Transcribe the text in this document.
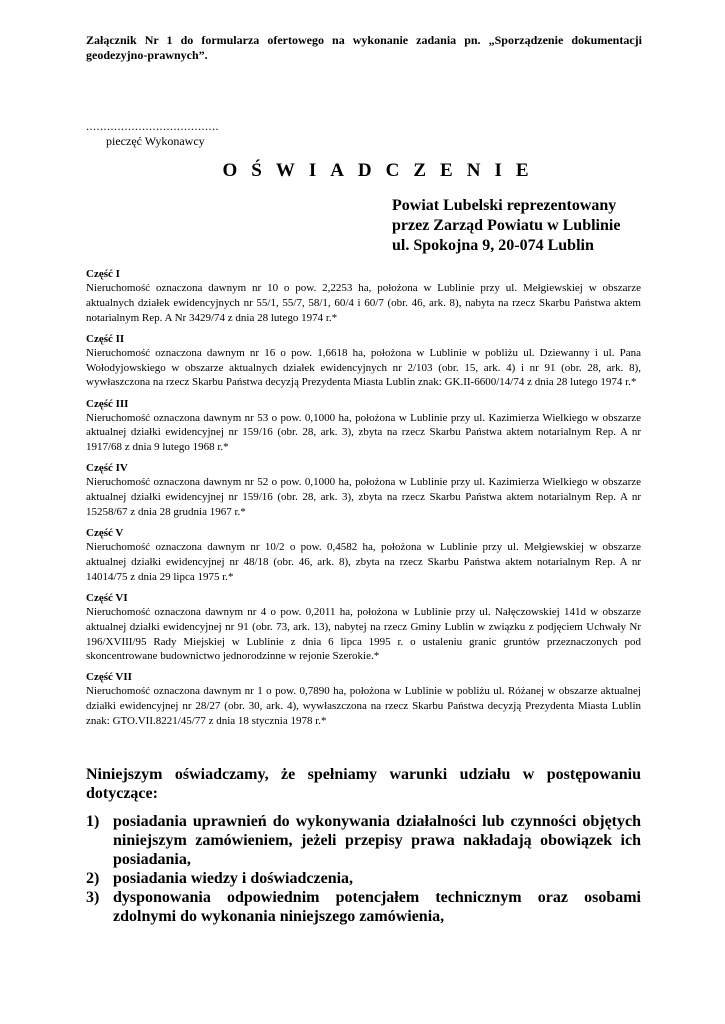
Załącznik Nr 1 do formularza ofertowego na wykonanie zadania pn. „Sporządzenie dokumentacji geodezyjno-prawnych”.
......................................
pieczęć Wykonawcy
OŚWIADCZENIE
Powiat Lubelski reprezentowany
przez Zarząd Powiatu w Lublinie
ul. Spokojna 9, 20-074 Lublin
Część I
Nieruchomość oznaczona dawnym nr 10 o pow. 2,2253 ha, położona w Lublinie przy ul. Mełgiewskiej w obszarze aktualnych działek ewidencyjnych nr 55/1, 55/7, 58/1, 60/4 i 60/7 (obr. 46, ark. 8), nabyta na rzecz Skarbu Państwa aktem notarialnym Rep. A Nr 3429/74 z dnia 28 lutego 1974 r.*
Część II
Nieruchomość oznaczona dawnym nr 16 o pow. 1,6618 ha, położona w Lublinie w pobliżu ul. Dziewanny i ul. Pana Wołodyjowskiego w obszarze aktualnych działek ewidencyjnych nr 2/103 (obr. 15, ark. 4) i nr 91 (obr. 28, ark. 8), wywłaszczona na rzecz Skarbu Państwa decyzją Prezydenta Miasta Lublin znak: GK.II-6600/14/74 z dnia 28 lutego 1974 r.*
Część III
Nieruchomość oznaczona dawnym nr 53 o pow. 0,1000 ha, położona w Lublinie przy ul. Kazimierza Wielkiego w obszarze aktualnej działki ewidencyjnej nr 159/16 (obr. 28, ark. 3), zbyta na rzecz Skarbu Państwa aktem notarialnym Rep. A nr 1917/68 z dnia 9 lutego 1968 r.*
Część IV
Nieruchomość oznaczona dawnym nr 52 o pow. 0,1000 ha, położona w Lublinie przy ul. Kazimierza Wielkiego w obszarze aktualnej działki ewidencyjnej nr 159/16 (obr. 28, ark. 3), zbyta na rzecz Skarbu Państwa aktem notarialnym Rep. A nr 15258/67 z dnia 28 grudnia 1967 r.*
Część V
Nieruchomość oznaczona dawnym nr 10/2 o pow. 0,4582 ha, położona w Lublinie przy ul. Mełgiewskiej w obszarze aktualnej działki ewidencyjnej nr 48/18 (obr. 46, ark. 8), zbyta na rzecz Skarbu Państwa aktem notarialnym Rep. A nr 14014/75 z dnia 29 lipca 1975 r.*
Część VI
Nieruchomość oznaczona dawnym nr 4 o pow. 0,2011 ha, położona w Lublinie przy ul. Nałęczowskiej 141d w obszarze aktualnej działki ewidencyjnej nr 91 (obr. 73, ark. 13), nabytej na rzecz Gminy Lublin w związku z podjęciem Uchwały Nr 196/XVIII/95 Rady Miejskiej w Lublinie z dnia 6 lipca 1995 r. o ustaleniu granic gruntów przeznaczonych pod skoncentrowane budownictwo jednorodzinne w rejonie Szerokie.*
Część VII
Nieruchomość oznaczona dawnym nr 1 o pow. 0,7890 ha, położona w Lublinie w pobliżu ul. Różanej w obszarze aktualnej działki ewidencyjnej nr 28/27 (obr. 30, ark. 4), wywłaszczona na rzecz Skarbu Państwa decyzją Prezydenta Miasta Lublin znak: GTO.VII.8221/45/77 z dnia 18 stycznia 1978 r.*
Niniejszym oświadczamy, że spełniamy warunki udziału w postępowaniu dotyczące:
1) posiadania uprawnień do wykonywania działalności lub czynności objętych niniejszym zamówieniem, jeżeli przepisy prawa nakładają obowiązek ich posiadania,
2) posiadania wiedzy i doświadczenia,
3) dysponowania odpowiednim potencjałem technicznym oraz osobami zdolnymi do wykonania niniejszego zamówienia,
